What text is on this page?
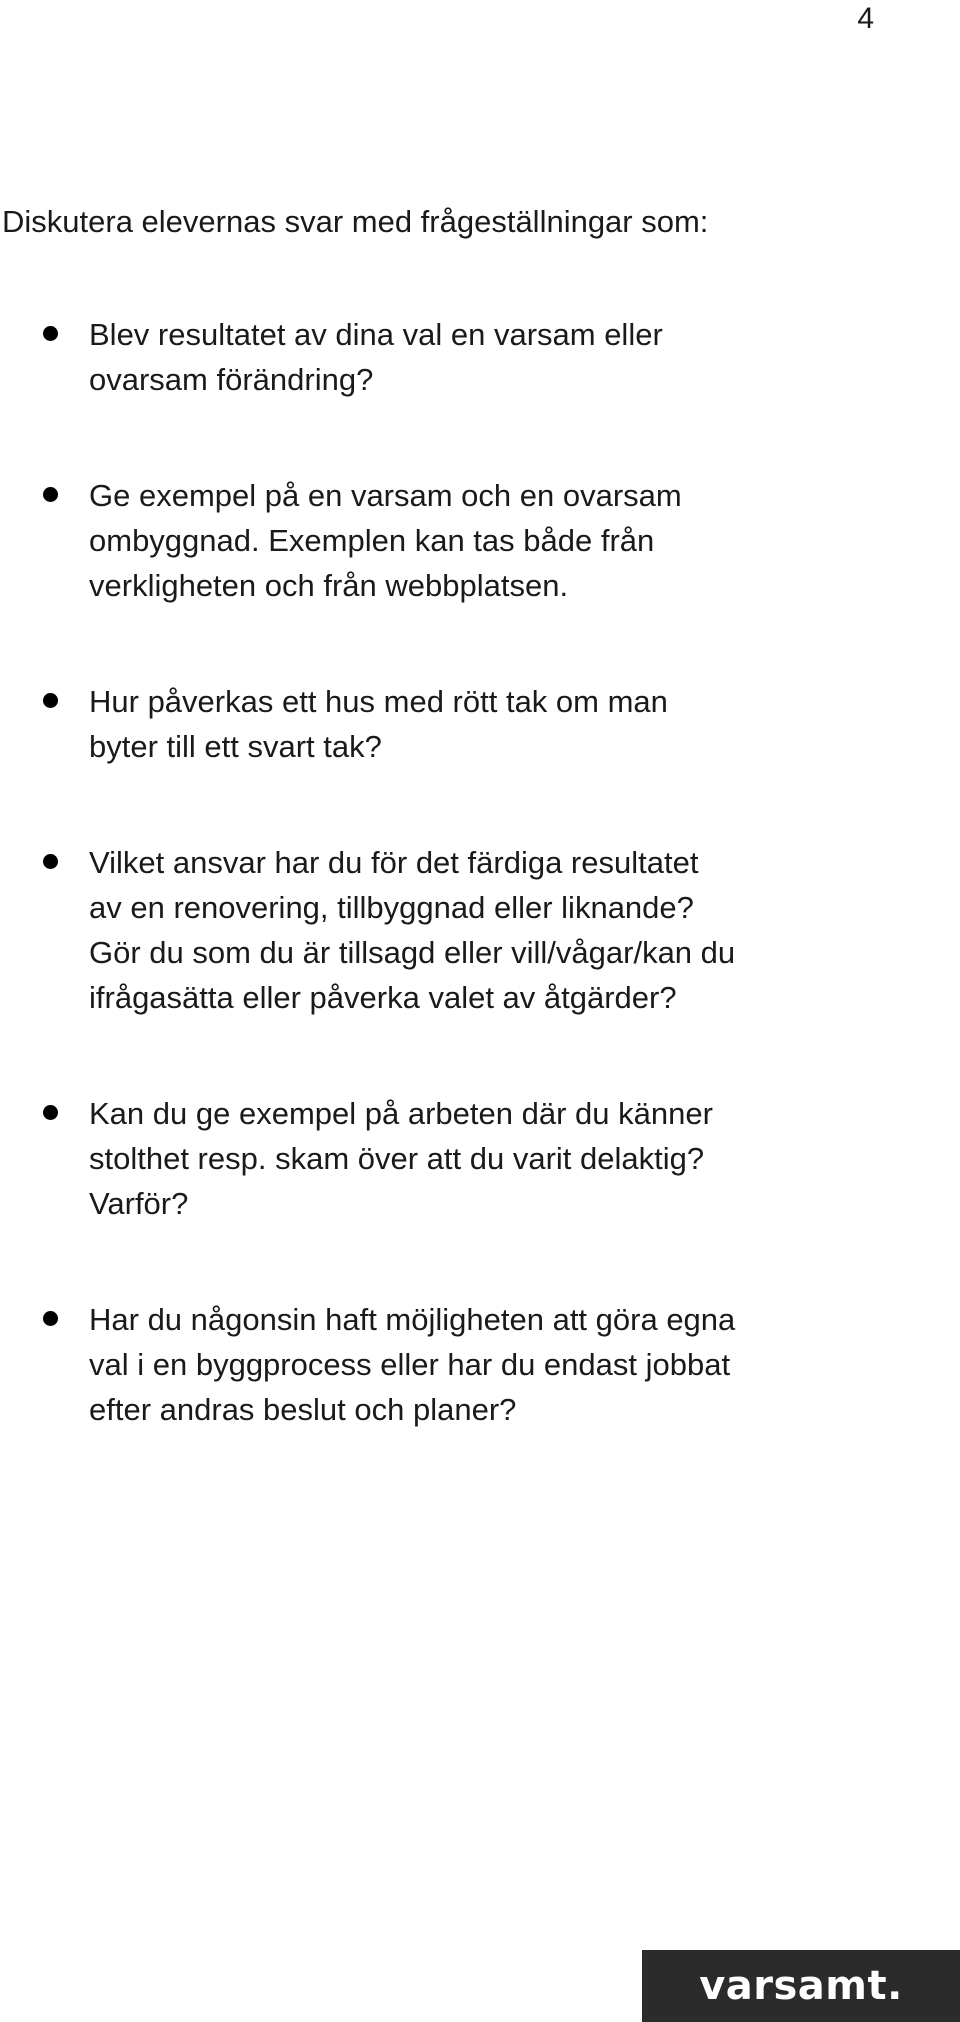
4

Diskutera elevernas svar med frågeställningar som:

Blev resultatet av dina val en varsam eller
ovarsam förändring?
Ge exempel på en varsam och en ovarsam
ombyggnad. Exemplen kan tas både från
verkligheten och från webbplatsen.
Hur påverkas ett hus med rött tak om man
byter till ett svart tak?
Vilket ansvar har du för det färdiga resultatet
av en renovering, tillbyggnad eller liknande?
Gör du som du är tillsagd eller vill/vågar/kan du
ifrågasätta eller påverka valet av åtgärder?
Kan du ge exempel på arbeten där du känner
stolthet resp. skam över att du varit delaktig?
Varför?
Har du någonsin haft möjligheten att göra egna
val i en byggprocess eller har du endast jobbat
efter andras beslut och planer?
varsamt.
